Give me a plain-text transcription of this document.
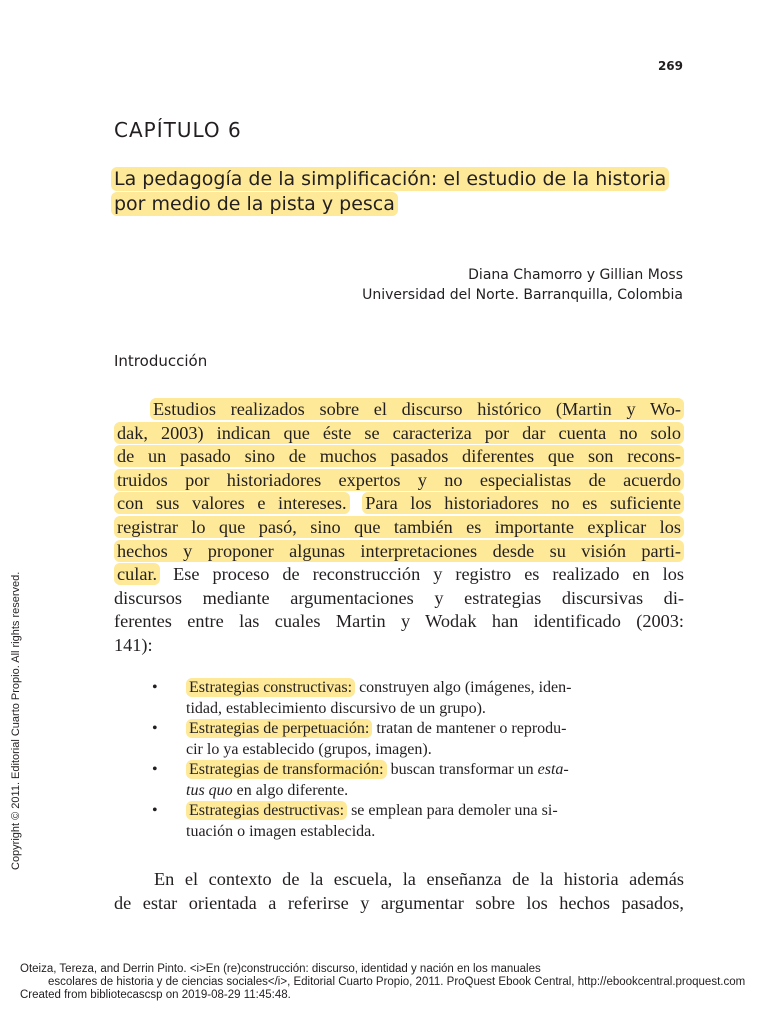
269
CAPÍTULO 6
La pedagogía de la simplificación: el estudio de la historia
por medio de la pista y pesca
Diana Chamorro y Gillian Moss
Universidad del Norte. Barranquilla, Colombia
Introducción
Estudios realizados sobre el discurso histórico (Martin y Wo-
dak, 2003) indican que éste se caracteriza por dar cuenta no solo
de un pasado sino de muchos pasados diferentes que son recons-
truidos por historiadores expertos y no especialistas de acuerdo
con sus valores e intereses. Para los historiadores no es suficiente
registrar lo que pasó, sino que también es importante explicar los
hechos y proponer algunas interpretaciones desde su visión parti-
cular. Ese proceso de reconstrucción y registro es realizado en los
discursos mediante argumentaciones y estrategias discursivas di-
ferentes entre las cuales Martin y Wodak han identificado (2003:
141):
• Estrategias constructivas: construyen algo (imágenes, iden-
tidad, establecimiento discursivo de un grupo).
• Estrategias de perpetuación: tratan de mantener o reprodu-
cir lo ya establecido (grupos, imagen).
• Estrategias de transformación: buscan transformar un esta-
tus quo en algo diferente.
• Estrategias destructivas: se emplean para demoler una si-
tuación o imagen establecida.
En el contexto de la escuela, la enseñanza de la historia además
de estar orientada a referirse y argumentar sobre los hechos pasados,
Copyright © 2011. Editorial Cuarto Propio. All rights reserved.
Oteiza, Tereza, and Derrin Pinto. <i>En (re)construcción: discurso, identidad y nación en los manuales
escolares de historia y de ciencias sociales</i>, Editorial Cuarto Propio, 2011. ProQuest Ebook Central, http://ebookcentral.proquest.com
Created from bibliotecascsp on 2019-08-29 11:45:48.
